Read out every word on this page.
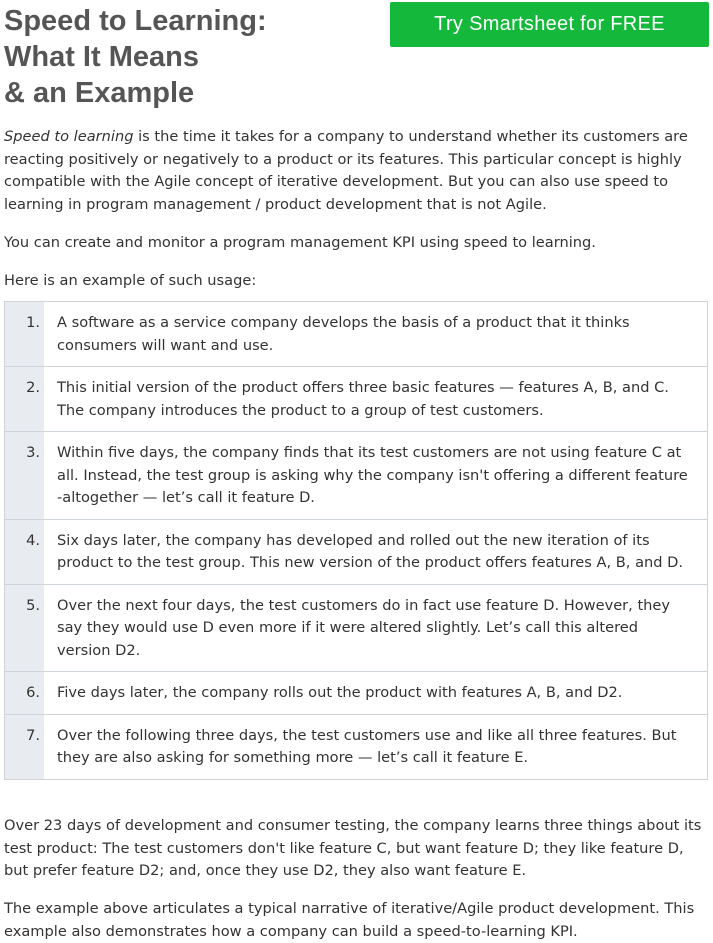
Speed to Learning:
What It Means
& an Example
Try Smartsheet for FREE

Speed to learning is the time it takes for a company to understand whether its customers are reacting positively or negatively to a product or its features. This particular concept is highly compatible with the Agile concept of iterative development. But you can also use speed to learning in program management / product development that is not Agile.

You can create and monitor a program management KPI using speed to learning.

Here is an example of such usage:

1. A software as a service company develops the basis of a product that it thinks consumers will want and use.
2. This initial version of the product offers three basic features — features A, B, and C. The company introduces the product to a group of test customers.
3. Within five days, the company finds that its test customers are not using feature C at all. Instead, the test group is asking why the company isn't offering a different feature -altogether — let’s call it feature D.
4. Six days later, the company has developed and rolled out the new iteration of its product to the test group. This new version of the product offers features A, B, and D.
5. Over the next four days, the test customers do in fact use feature D. However, they say they would use D even more if it were altered slightly. Let’s call this altered version D2.
6. Five days later, the company rolls out the product with features A, B, and D2.
7. Over the following three days, the test customers use and like all three features. But they are also asking for something more — let’s call it feature E.

Over 23 days of development and consumer testing, the company learns three things about its test product: The test customers don't like feature C, but want feature D; they like feature D, but prefer feature D2; and, once they use D2, they also want feature E.

The example above articulates a typical narrative of iterative/Agile product development. This example also demonstrates how a company can build a speed-to-learning KPI.
